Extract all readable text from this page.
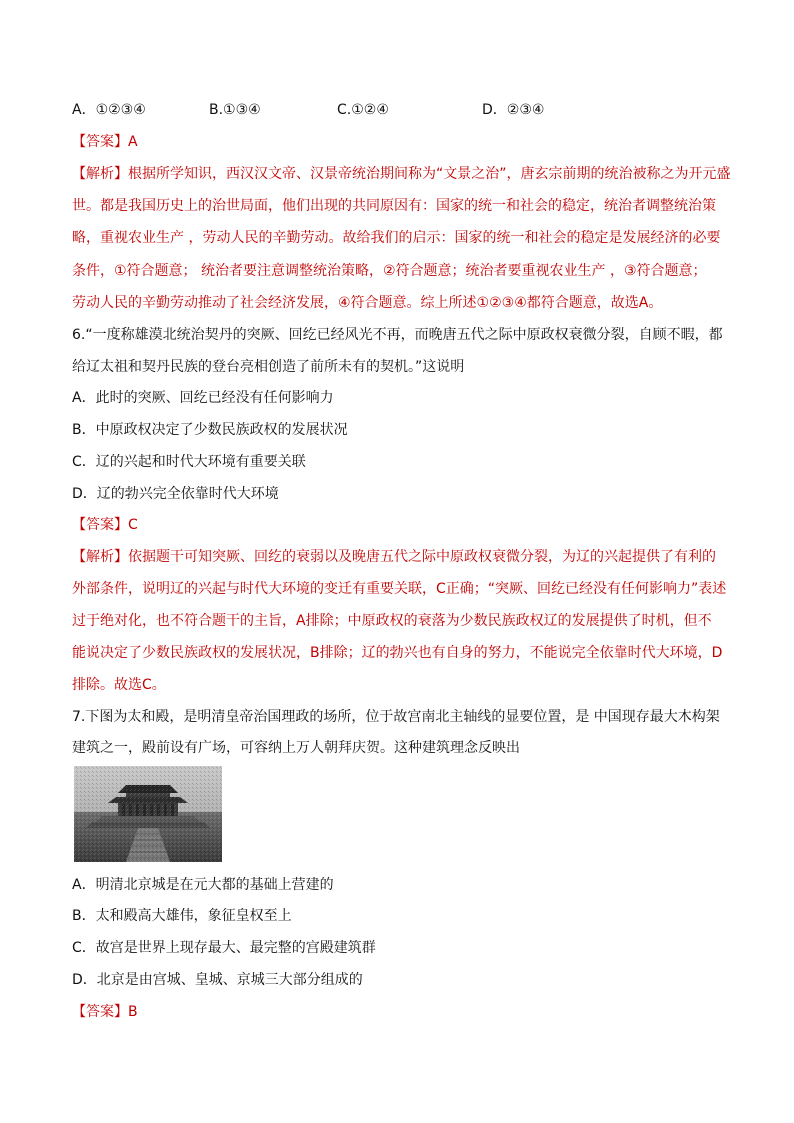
A．①②③④	B.①③④	C.①②④	D．②③④
【答案】A
【解析】根据所学知识，西汉汉文帝、汉景帝统治期间称为“文景之治”，唐玄宗前期的统治被称之为开元盛
世。都是我国历史上的治世局面，他们出现的共同原因有：国家的统一和社会的稳定，统治者调整统治策
略，重视农业生产 ，劳动人民的辛勤劳动。故给我们的启示：国家的统一和社会的稳定是发展经济的必要
条件，①符合题意； 统治者要注意调整统治策略，②符合题意；统治者要重视农业生产 ，③符合题意；
劳动人民的辛勤劳动推动了社会经济发展，④符合题意。综上所述①②③④都符合题意，故选A。
6.“一度称雄漠北统治契丹的突厥、回纥已经风光不再，而晚唐五代之际中原政权衰微分裂，自顾不暇，都
给辽太祖和契丹民族的登台亮相创造了前所未有的契机。”这说明
A．此时的突厥、回纥已经没有任何影响力
B．中原政权决定了少数民族政权的发展状况
C．辽的兴起和时代大环境有重要关联
D．辽的勃兴完全依靠时代大环境
【答案】C
【解析】依据题干可知突厥、回纥的衰弱以及晚唐五代之际中原政权衰微分裂，为辽的兴起提供了有利的
外部条件，说明辽的兴起与时代大环境的变迁有重要关联，C正确；“突厥、回纥已经没有任何影响力”表述
过于绝对化，也不符合题干的主旨，A排除；中原政权的衰落为少数民族政权辽的发展提供了时机，但不
能说决定了少数民族政权的发展状况，B排除；辽的勃兴也有自身的努力，不能说完全依靠时代大环境，D
排除。故选C。
7.下图为太和殿，是明清皇帝治国理政的场所，位于故宫南北主轴线的显要位置，是 中国现存最大木构架
建筑之一，殿前设有广场，可容纳上万人朝拜庆贺。这种建筑理念反映出
A．明清北京城是在元大都的基础上营建的
B．太和殿高大雄伟，象征皇权至上
C．故宫是世界上现存最大、最完整的宫殿建筑群
D．北京是由宫城、皇城、京城三大部分组成的
【答案】B
